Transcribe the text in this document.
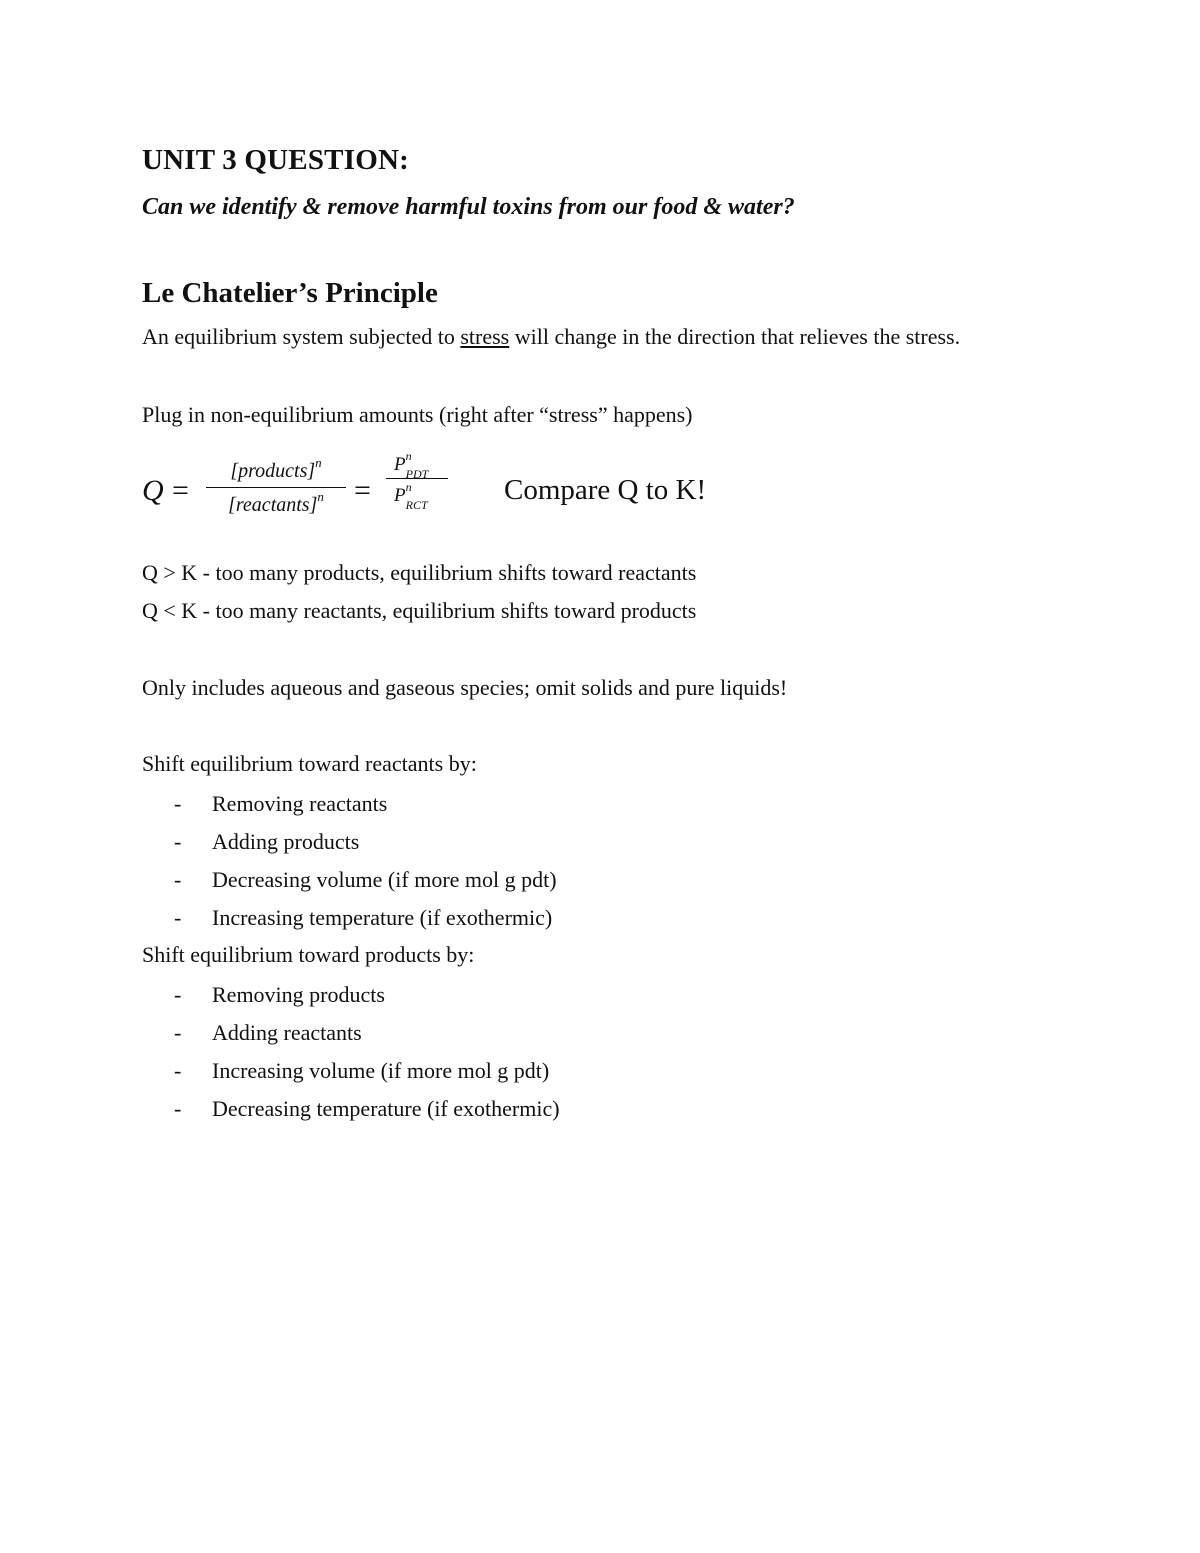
UNIT 3 QUESTION:

Can we identify & remove harmful toxins from our food & water?

Le Chatelier’s Principle

An equilibrium system subjected to stress will change in the direction that relieves the stress.

Plug in non-equilibrium amounts (right after “stress” happens)

Q =
[products]$^n$
[reactants]$^n$	=
$P^n_{PDT}$
$P^n_{RCT}$	Compare Q to K!

Q > K - too many products, equilibrium shifts toward reactants

Q < K - too many reactants, equilibrium shifts toward products

Only includes aqueous and gaseous species; omit solids and pure liquids!

Shift equilibrium toward reactants by:

- Removing reactants
- Adding products
- Decreasing volume (if more mol g pdt)
- Increasing temperature (if exothermic)

Shift equilibrium toward products by:

- Removing products
- Adding reactants
- Increasing volume (if more mol g pdt)
- Decreasing temperature (if exothermic)
